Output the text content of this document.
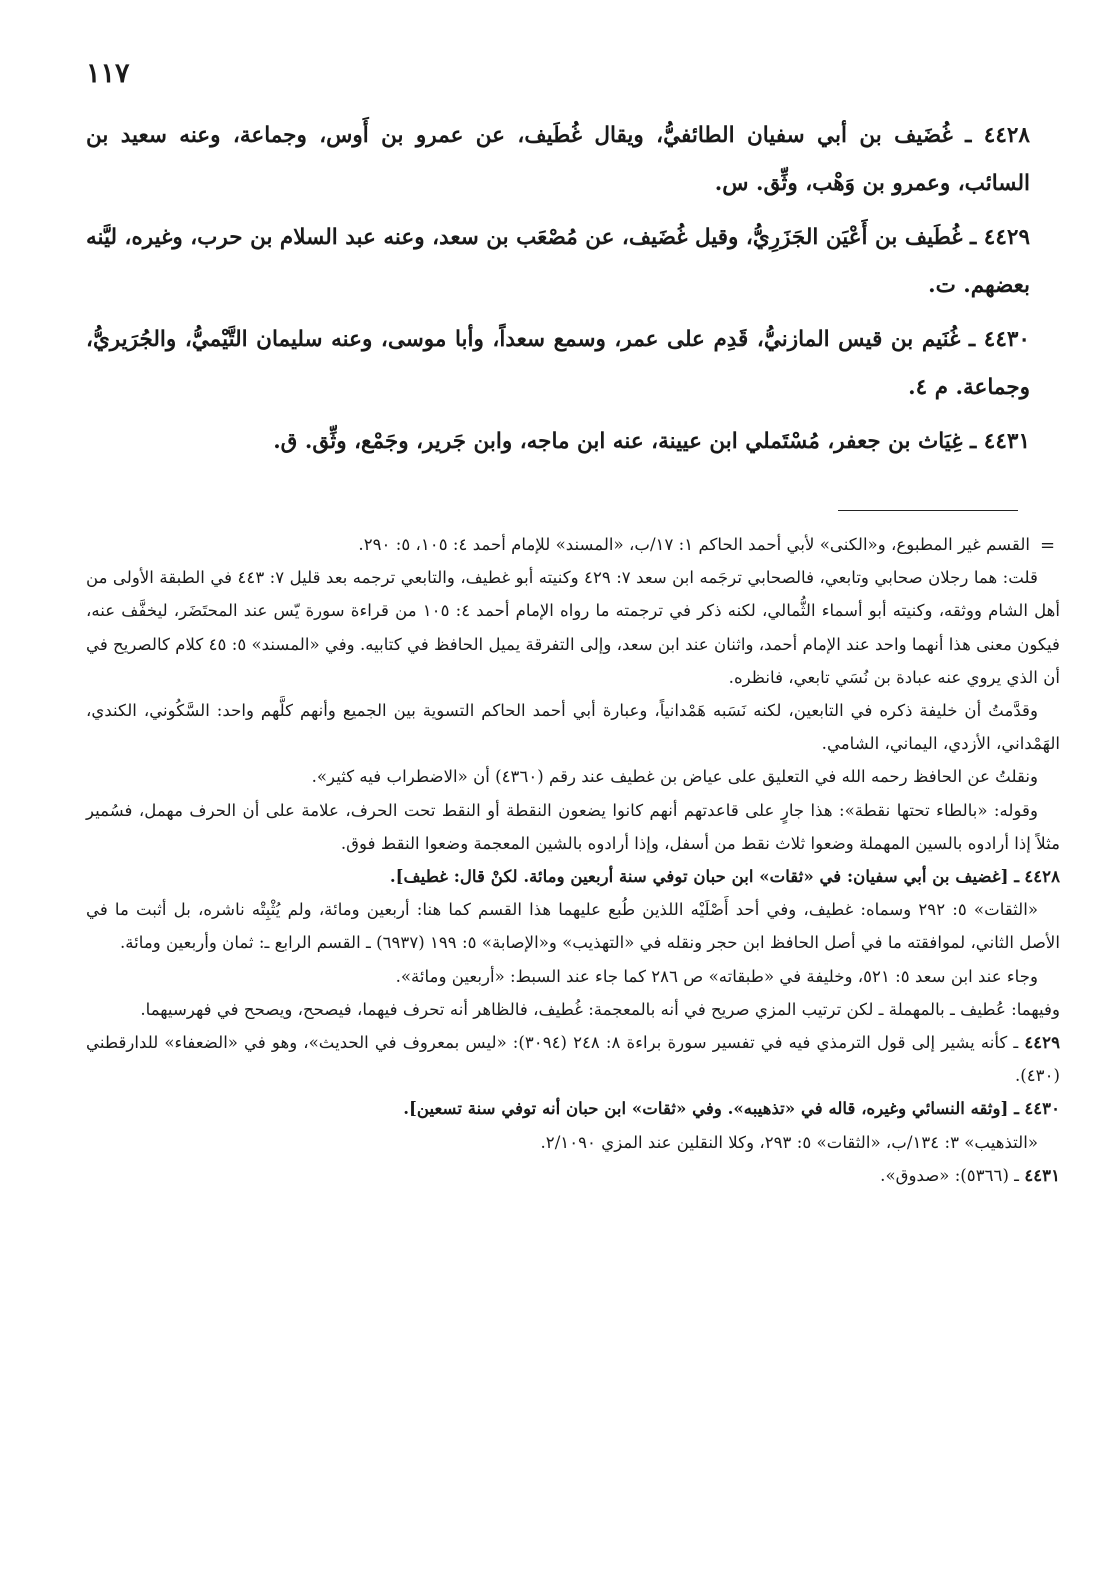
١١٧

٤٤٢٨ ـ غُضَيف بن أبي سفيان الطائفيُّ، ويقال غُطَيف، عن عمرو بن أَوس، وجماعة، وعنه سعيد بن السائب، وعمرو بن وَهْب، وثِّق. س.

٤٤٢٩ ـ غُطَيف بن أَعْيَن الجَزَرِيُّ، وقيل غُضَيف، عن مُصْعَب بن سعد، وعنه عبد السلام بن حرب، وغيره، ليَّنه بعضهم. ت.

٤٤٣٠ ـ غُنَيم بن قيس المازنيُّ، قَدِم على عمر، وسمع سعداً، وأبا موسى، وعنه سليمان التَّيْميُّ، والجُرَيريُّ، وجماعة. م ٤.

٤٤٣١ ـ غِيَاث بن جعفر، مُسْتَملي ابن عيينة، عنه ابن ماجه، وابن جَرير، وجَمْع، وثِّق. ق.

=

القسم غير المطبوع، و«الكنى» لأبي أحمد الحاكم ١: ١٧/ب، «المسند» للإمام أحمد ٤: ١٠٥، ٥: ٢٩٠.

قلت: هما رجلان صحابي وتابعي، فالصحابي ترجَمه ابن سعد ٧: ٤٢٩ وكنيته أبو غطيف، والتابعي ترجمه بعد قليل ٧: ٤٤٣ في الطبقة الأولى من أهل الشام ووثقه، وكنيته أبو أسماء الثُّمالي، لكنه ذكر في ترجمته ما رواه الإمام أحمد ٤: ١٠٥ من قراءة سورة يّس عند المحتَضَر، ليخفَّف عنه، فيكون معنى هذا أنهما واحد عند الإمام أحمد، واثنان عند ابن سعد، وإلى التفرقة يميل الحافظ في كتابيه. وفي «المسند» ٥: ٤٥ كلام كالصريح في أن الذي يروي عنه عبادة بن نُسَي تابعي، فانظره.

وقدَّمتُ أن خليفة ذكره في التابعين، لكنه نَسَبه هَمْدانياً، وعبارة أبي أحمد الحاكم التسوية بين الجميع وأنهم كلَّهم واحد: السَّكُوني، الكندي، الهَمْداني، الأزدي، اليماني، الشامي.

ونقلتُ عن الحافظ رحمه الله في التعليق على عياض بن غطيف عند رقم (٤٣٦٠) أن «الاضطراب فيه كثير».

وقوله: «بالطاء تحتها نقطة»: هذا جارٍ على قاعدتهم أنهم كانوا يضعون النقطة أو النقط تحت الحرف، علامة على أن الحرف مهمل، فسُمير مثلاً إذا أرادوه بالسين المهملة وضعوا ثلاث نقط من أسفل، وإذا أرادوه بالشين المعجمة وضعوا النقط فوق.

٤٤٢٨ ـ [غضيف بن أبي سفيان: في «ثقات» ابن حبان توفي سنة أربعين ومائة. لكنْ قال: غطيف].

«الثقات» ٥: ٢٩٢ وسماه: غطيف، وفي أحد أَصْلَيْه اللذين طُبع عليهما هذا القسم كما هنا: أربعين ومائة، ولم يُثْبِتْه ناشره، بل أثبت ما في الأصل الثاني، لموافقته ما في أصل الحافظ ابن حجر ونقله في «التهذيب» و«الإصابة» ٥: ١٩٩ (٦٩٣٧) ـ القسم الرابع ـ: ثمان وأربعين ومائة.

وجاء عند ابن سعد ٥: ٥٢١، وخليفة في «طبقاته» ص ٢٨٦ كما جاء عند السبط: «أربعين ومائة».

وفيهما: عُطيف ـ بالمهملة ـ لكن ترتيب المزي صريح في أنه بالمعجمة: غُطيف، فالظاهر أنه تحرف فيهما، فيصحح، ويصحح في فهرسيهما.

٤٤٢٩ ـ كأنه يشير إلى قول الترمذي فيه في تفسير سورة براءة ٨: ٢٤٨ (٣٠٩٤): «ليس بمعروف في الحديث»، وهو في «الضعفاء» للدارقطني (٤٣٠).

٤٤٣٠ ـ [وثقه النسائي وغيره، قاله في «تذهيبه». وفي «ثقات» ابن حبان أنه توفي سنة تسعين].

«التذهيب» ٣: ١٣٤/ب، «الثقات» ٥: ٢٩٣، وكلا النقلين عند المزي ٢/١٠٩٠.

٤٤٣١ ـ (٥٣٦٦): «صدوق».
